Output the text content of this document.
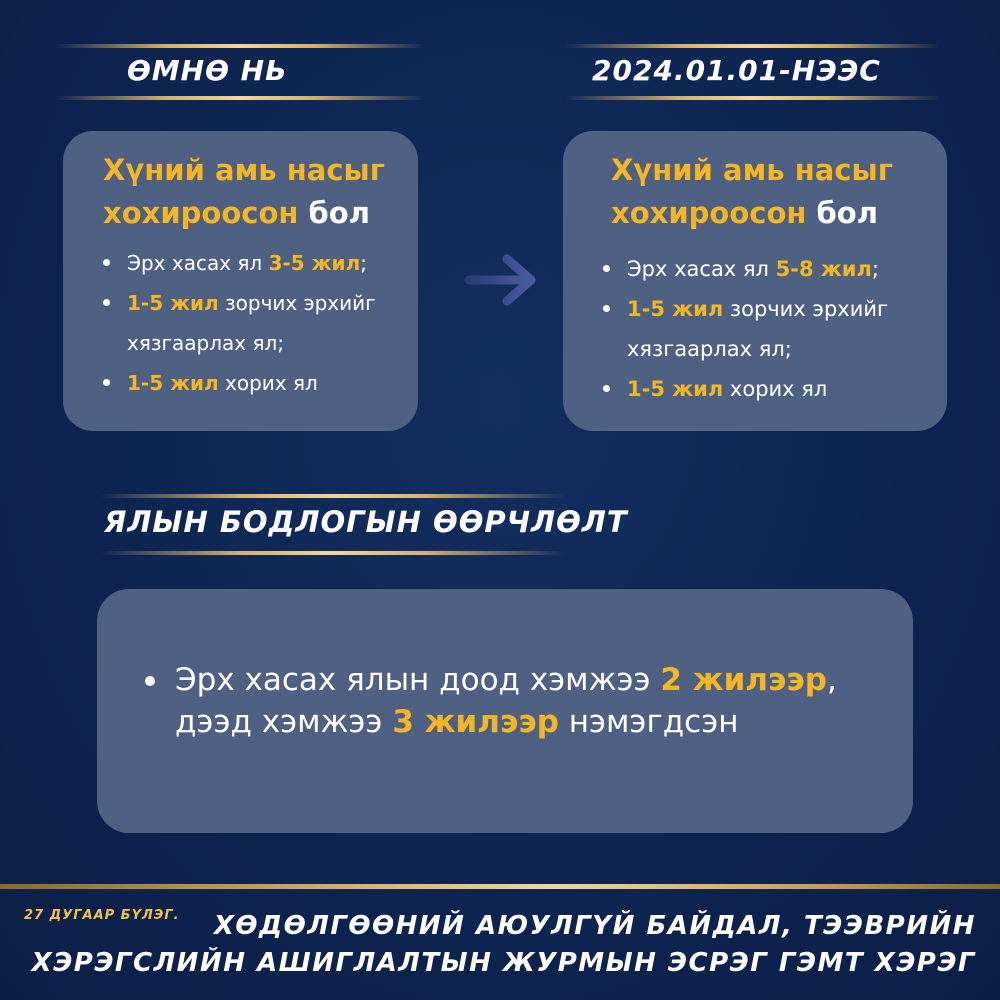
ӨМНӨ НЬ	2024.01.01-НЭЭС
Хүний амь насыг
хохироосон бол
Эрх хасах ял 3-5 жил;
1-5 жил зорчих эрхийг хязгаарлах ял;
1-5 жил хорих ял
Хүний амь насыг
хохироосон бол
Эрх хасах ял 5-8 жил;
1-5 жил зорчих эрхийг хязгаарлах ял;
1-5 жил хорих ял
ЯЛЫН БОДЛОГЫН ӨӨРЧЛӨЛТ
Эрх хасах ялын доод хэмжээ 2 жилээр, дээд хэмжээ 3 жилээр нэмэгдсэн
27 ДУГААР БҮЛЭГ.	ХӨДӨЛГӨӨНИЙ АЮУЛГҮЙ БАЙДАЛ, ТЭЭВРИЙН
ХЭРЭГСЛИЙН АШИГЛАЛТЫН ЖУРМЫН ЭСРЭГ ГЭМТ ХЭРЭГ
